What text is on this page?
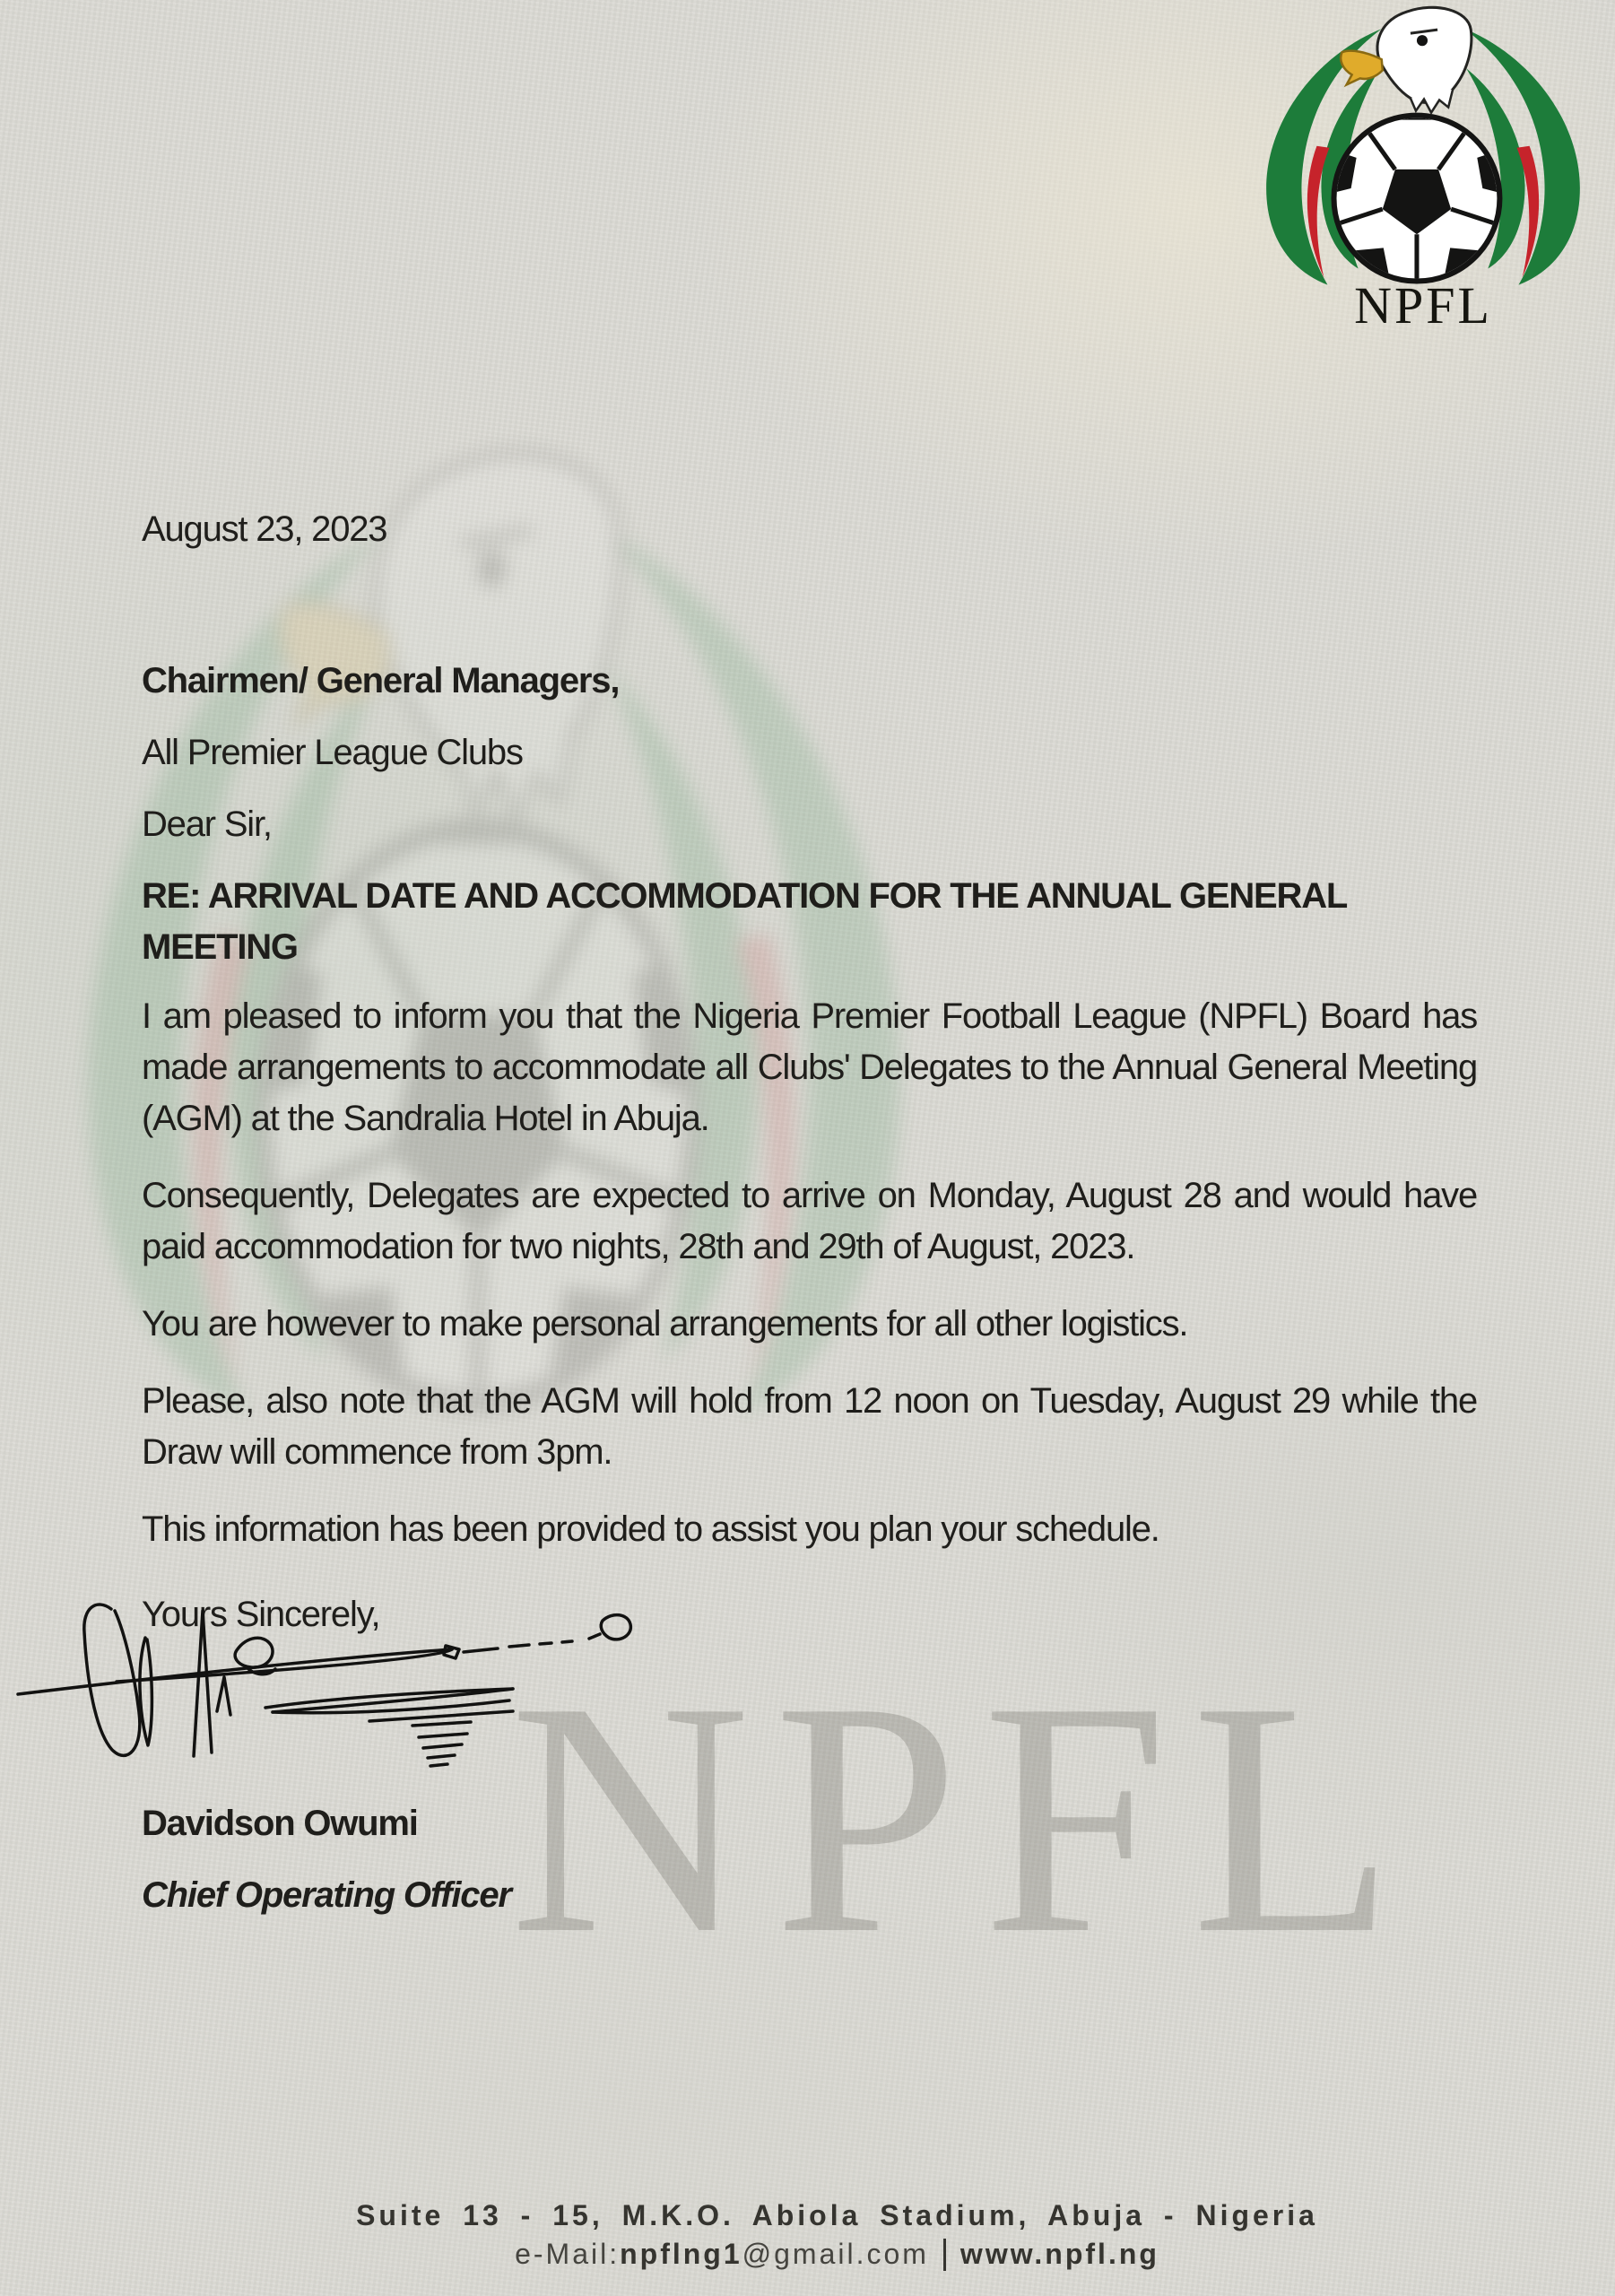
NPFL
NPFL
August 23, 2023
Chairmen/ General Managers,
All Premier League Clubs
Dear Sir,
RE: ARRIVAL DATE AND ACCOMMODATION FOR THE ANNUAL GENERAL MEETING

I am pleased to inform you that the Nigeria Premier Football League (NPFL) Board has made arrangements to accommodate all Clubs' Delegates to the Annual General Meeting (AGM) at the Sandralia Hotel in Abuja.

Consequently, Delegates are expected to arrive on Monday, August 28 and would have paid accommodation for two nights, 28th and 29th of August, 2023.

You are however to make personal arrangements for all other logistics.

Please, also note that the AGM will hold from 12 noon on Tuesday, August 29 while the Draw will commence from 3pm.

This information has been provided to assist you plan your schedule.

Yours Sincerely,
Davidson Owumi
Chief Operating Officer
Suite 13 - 15, M.K.O. Abiola Stadium, Abuja - Nigeria
e-Mail:npflng1@gmail.com www.npfl.ng
